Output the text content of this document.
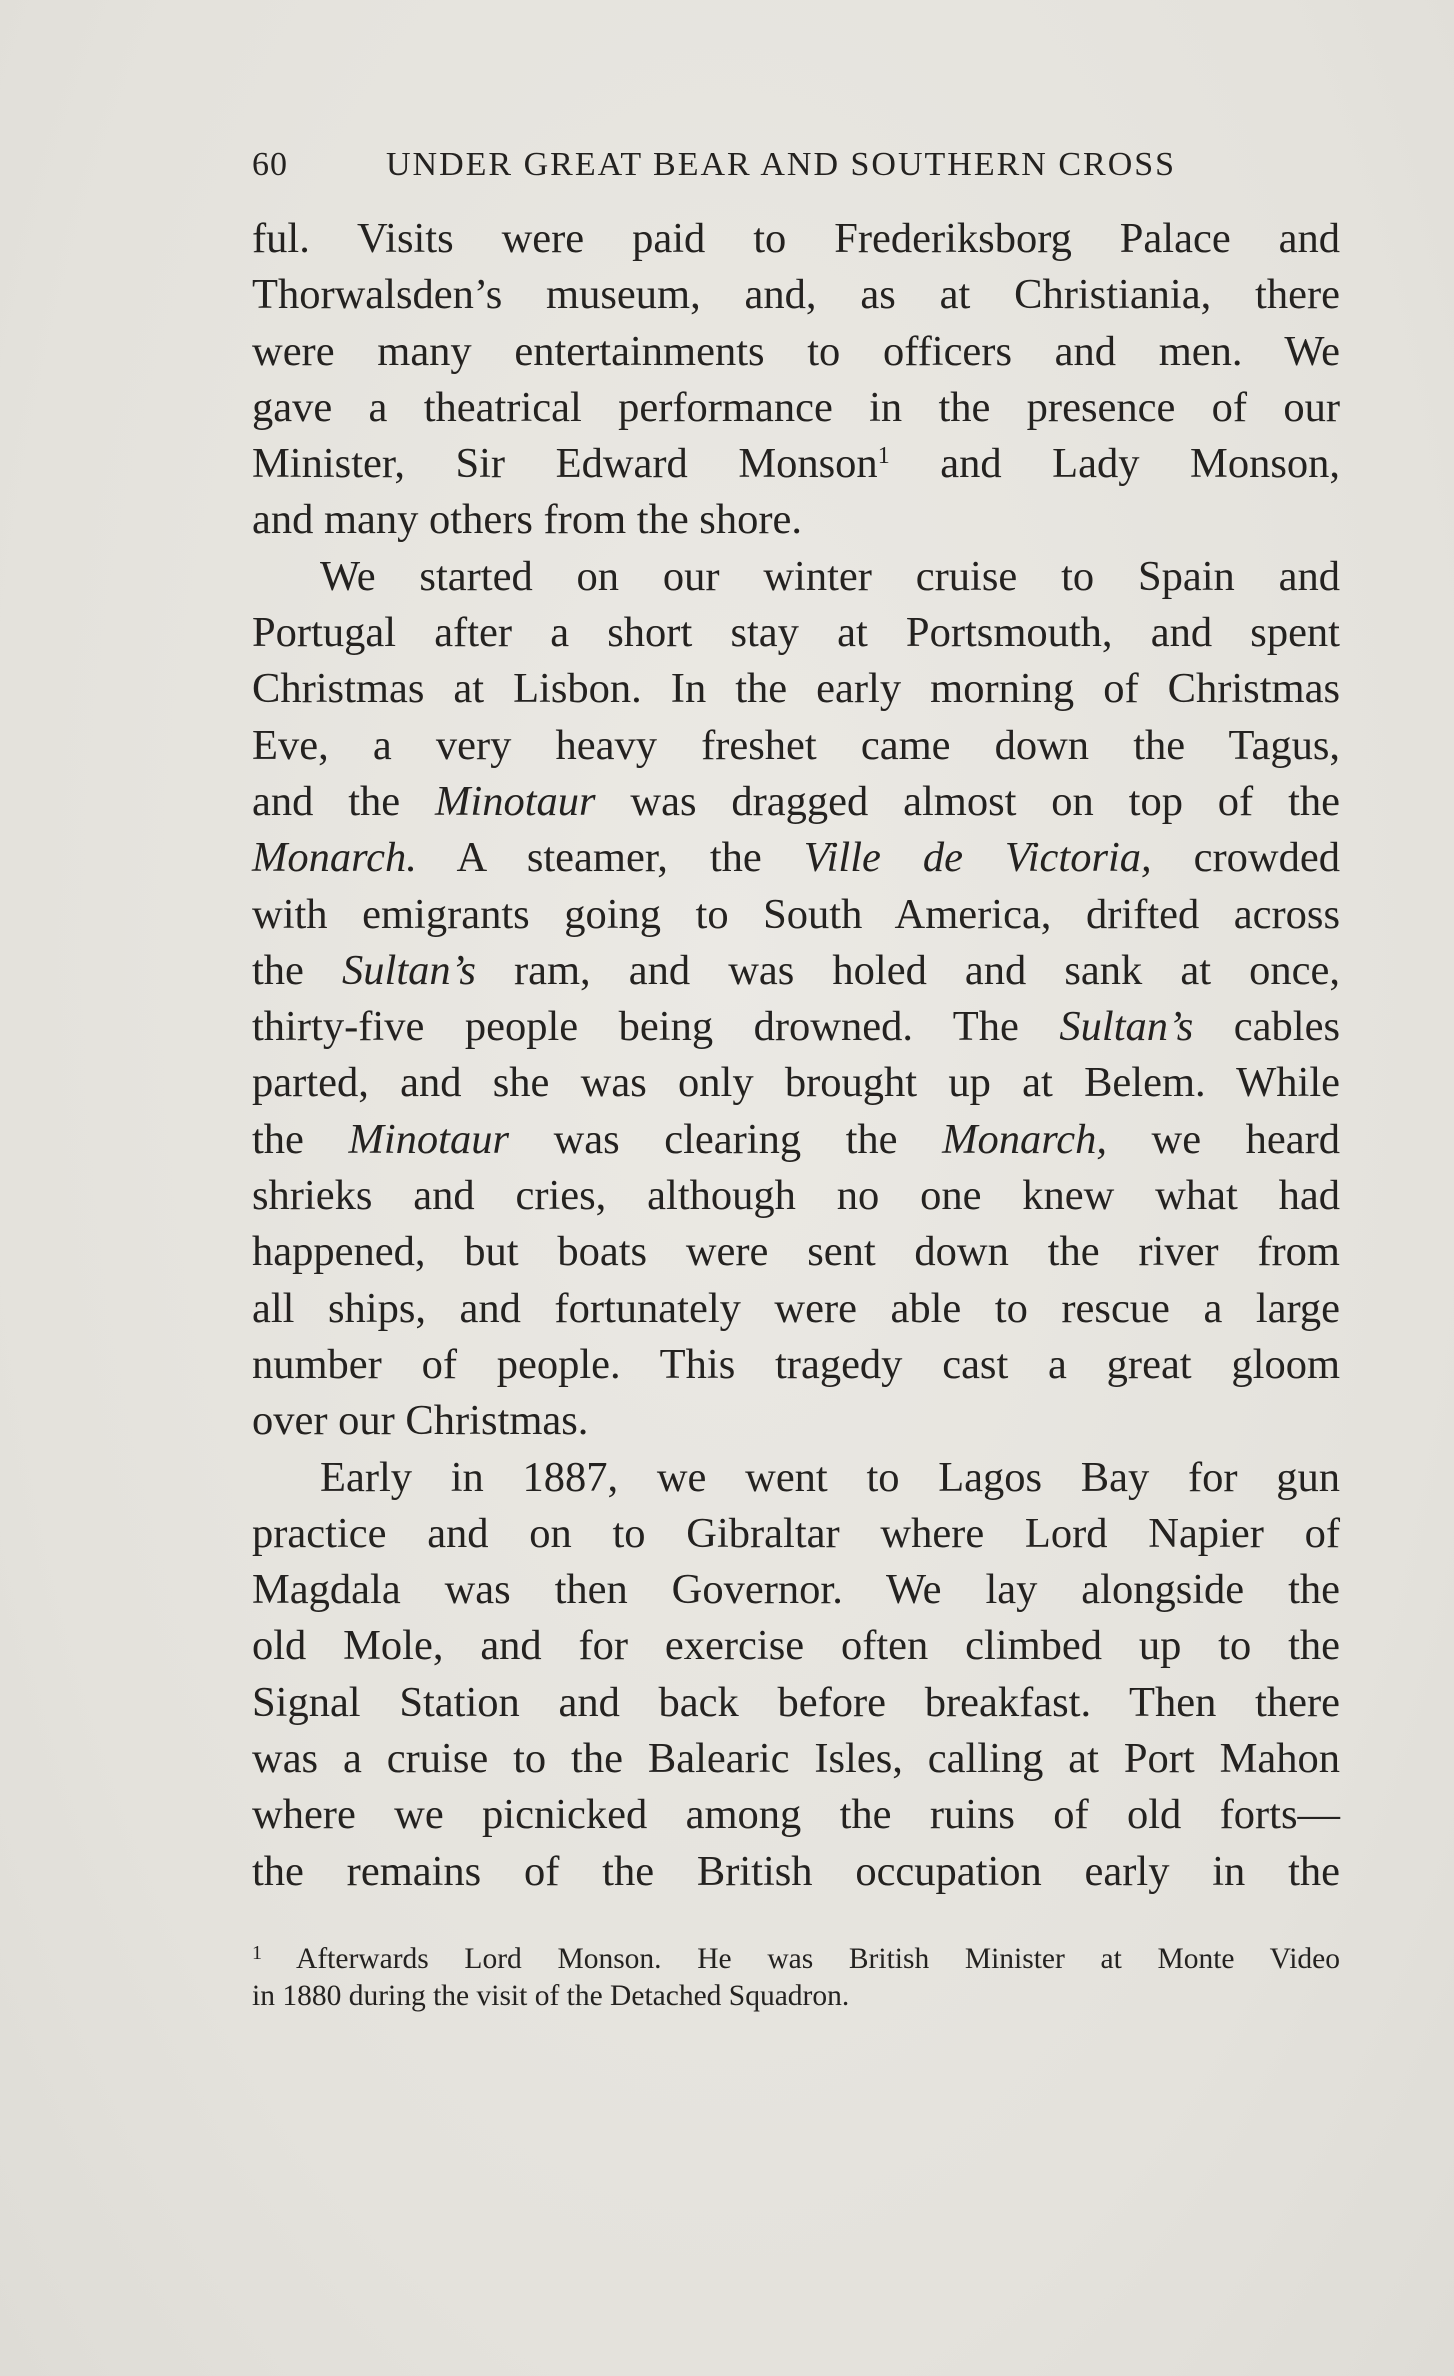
60	UNDER GREAT BEAR AND SOUTHERN CROSS
ful. Visits were paid to Frederiksborg Palace and
Thorwalsden’s museum, and, as at Christiania, there
were many entertainments to officers and men. We
gave a theatrical performance in the presence of our
Minister, Sir Edward Monson$^1$ and Lady Monson,
and many others from the shore.
We started on our winter cruise to Spain and
Portugal after a short stay at Portsmouth, and spent
Christmas at Lisbon. In the early morning of Christmas
Eve, a very heavy freshet came down the Tagus,
and the Minotaur was dragged almost on top of the
Monarch. A steamer, the Ville de Victoria, crowded
with emigrants going to South America, drifted across
the Sultan’s ram, and was holed and sank at once,
thirty-five people being drowned. The Sultan’s cables
parted, and she was only brought up at Belem. While
the Minotaur was clearing the Monarch, we heard
shrieks and cries, although no one knew what had
happened, but boats were sent down the river from
all ships, and fortunately were able to rescue a large
number of people. This tragedy cast a great gloom
over our Christmas.
Early in 1887, we went to Lagos Bay for gun
practice and on to Gibraltar where Lord Napier of
Magdala was then Governor. We lay alongside the
old Mole, and for exercise often climbed up to the
Signal Station and back before breakfast. Then there
was a cruise to the Balearic Isles, calling at Port Mahon
where we picnicked among the ruins of old forts—
the remains of the British occupation early in the
$^1$ Afterwards Lord Monson. He was British Minister at Monte Video
in 1880 during the visit of the Detached Squadron.
